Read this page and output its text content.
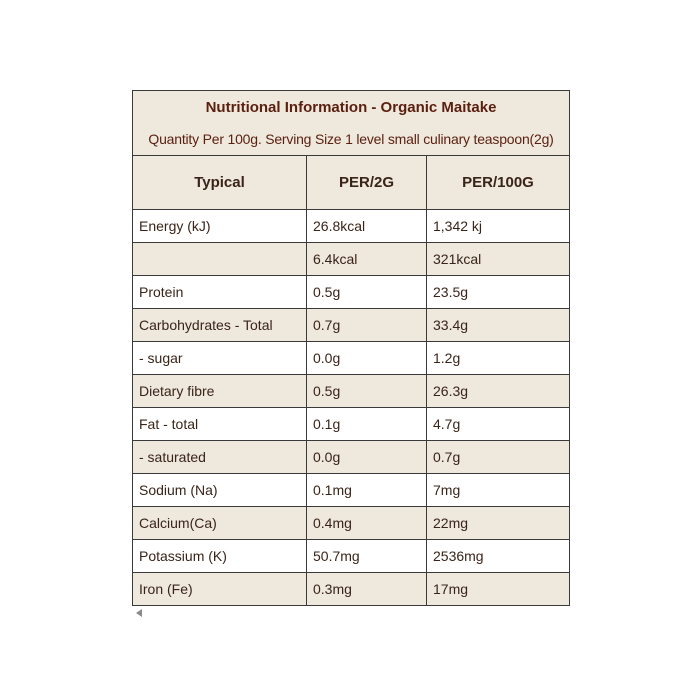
Nutritional Information - Organic Maitake		
Quantity Per 100g. Serving Size 1 level small culinary teaspoon(2g)		
Typical	PER/2G	PER/100G
Energy (kJ)	26.8kcal	1,342 kj
	6.4kcal	321kcal
Protein	0.5g	23.5g
Carbohydrates - Total	0.7g	33.4g
- sugar	0.0g	1.2g
Dietary fibre	0.5g	26.3g
Fat - total	0.1g	4.7g
- saturated	0.0g	0.7g
Sodium (Na)	0.1mg	7mg
Calcium(Ca)	0.4mg	22mg
Potassium (K)	50.7mg	2536mg
Iron (Fe)	0.3mg	17mg
